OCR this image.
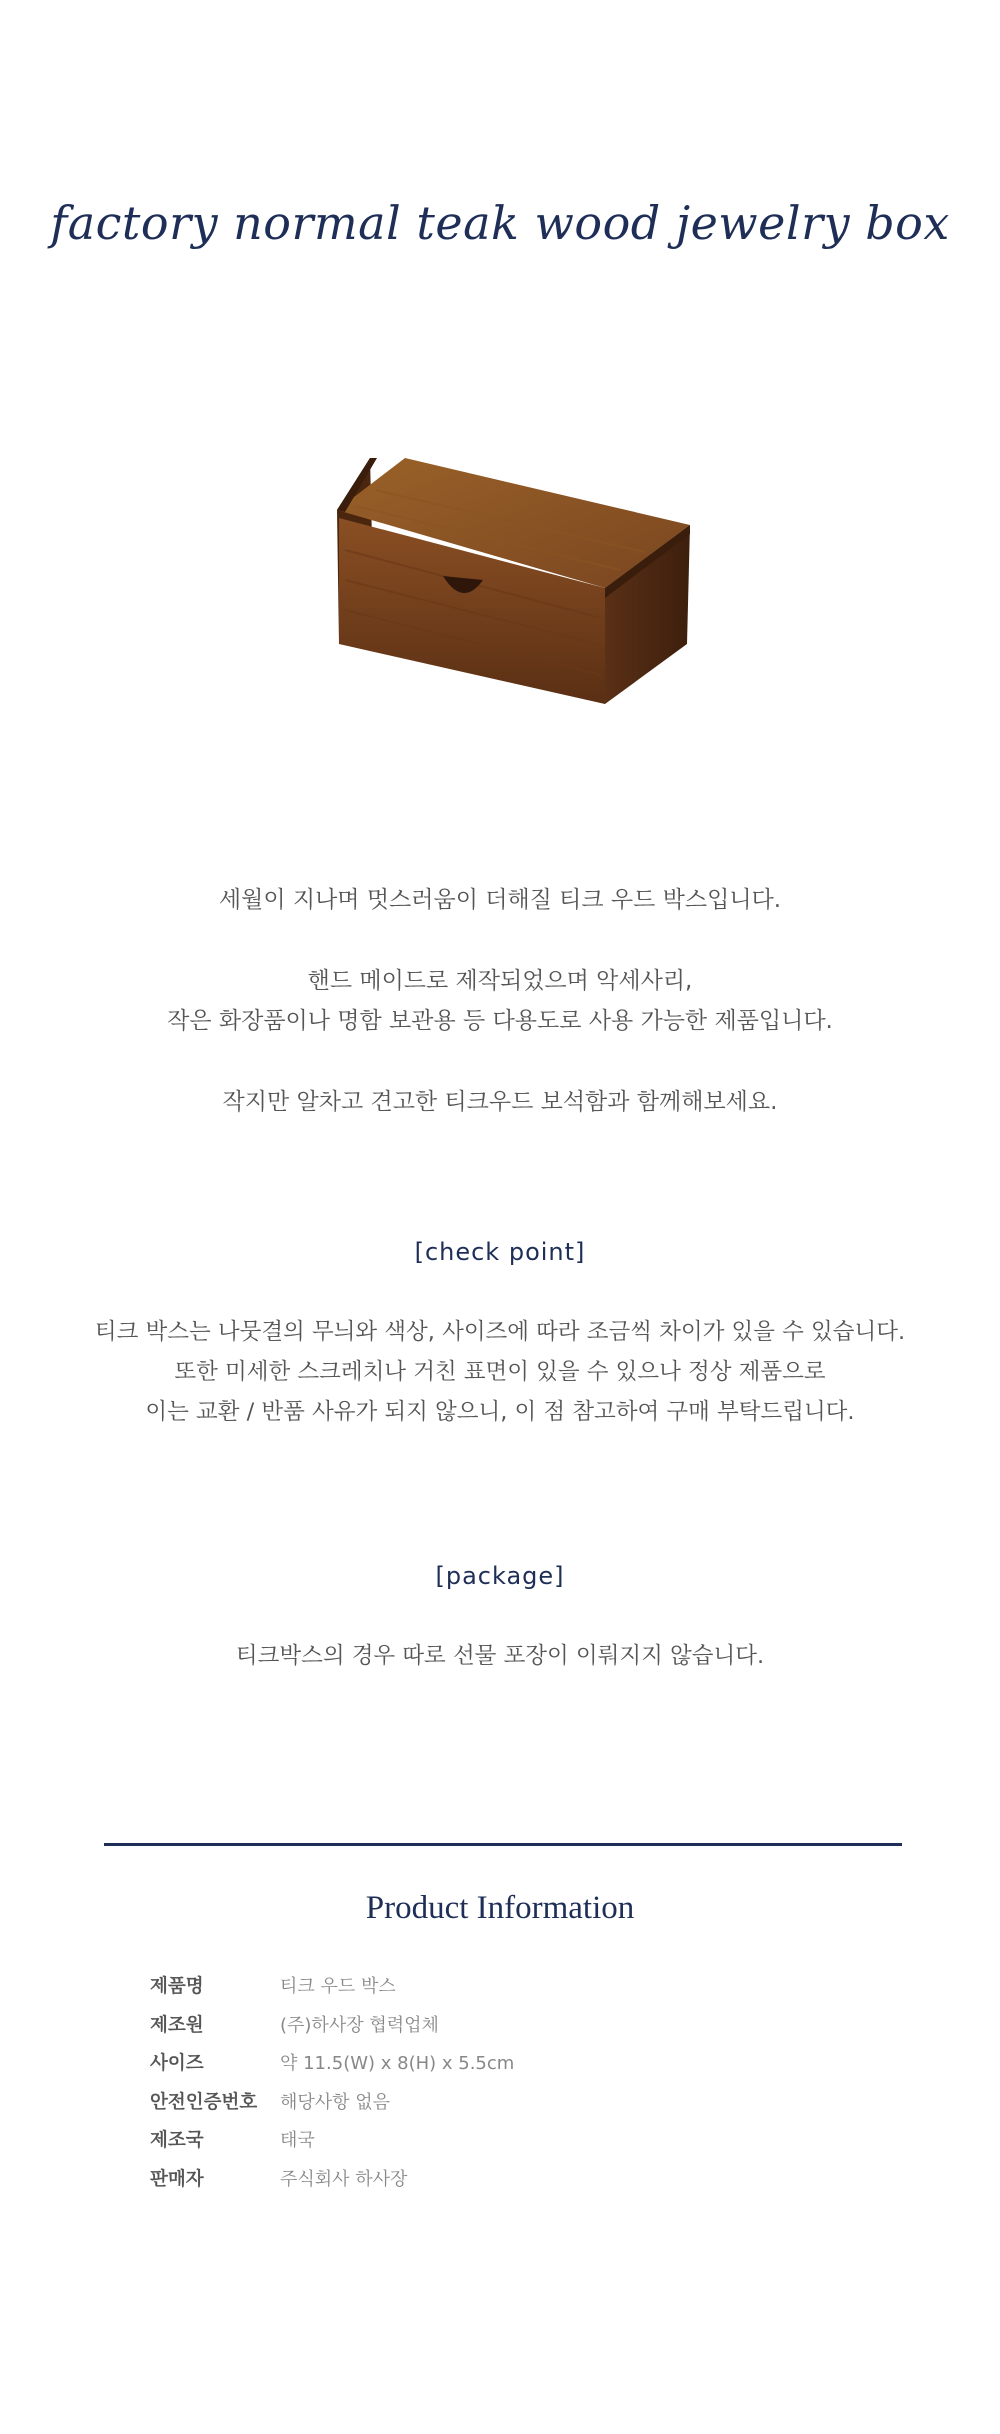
factory normal teak wood jewelry box

세월이 지나며 멋스러움이 더해질 티크 우드 박스입니다.

핸드 메이드로 제작되었으며 악세사리,
작은 화장품이나 명함 보관용 등 다용도로 사용 가능한 제품입니다.

작지만 알차고 견고한 티크우드 보석함과 함께해보세요.

[check point]

티크 박스는 나뭇결의 무늬와 색상, 사이즈에 따라 조금씩 차이가 있을 수 있습니다.

또한 미세한 스크레치나 거친 표면이 있을 수 있으나 정상 제품으로

이는 교환 / 반품 사유가 되지 않으니, 이 점 참고하여 구매 부탁드립니다.

[package]

티크박스의 경우 따로 선물 포장이 이뤄지지 않습니다.

Product Information
제품명	티크 우드 박스
제조원	(주)하사장 협력업체
사이즈	약 11.5(W) x 8(H) x 5.5cm
안전인증번호	해당사항 없음
제조국	태국
판매자	주식회사 하사장
